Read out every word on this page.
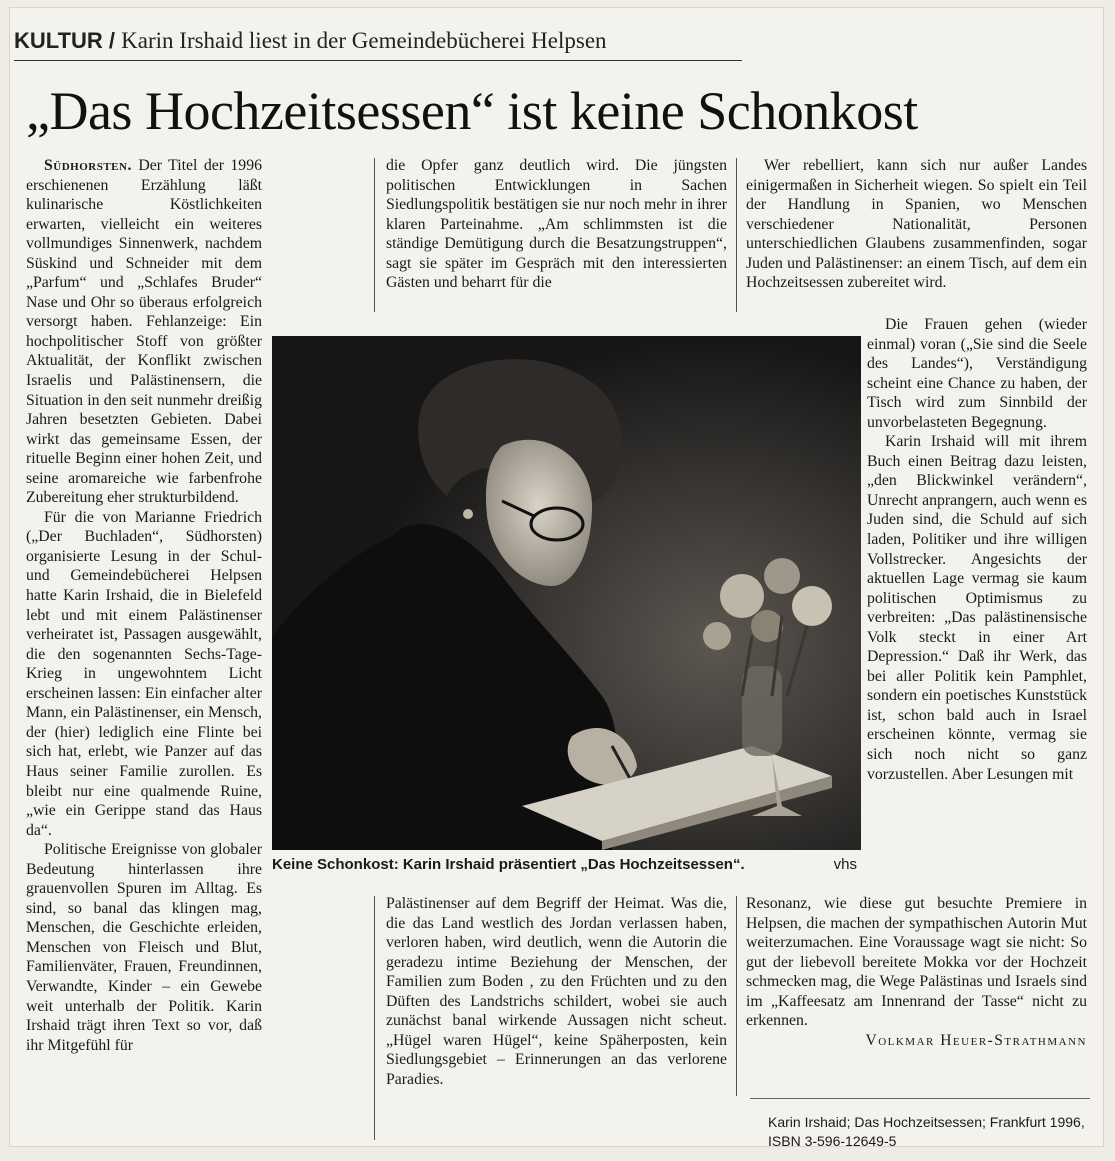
KULTUR / Karin Irshaid liest in der Gemeindebücherei Helpsen
„Das Hochzeitsessen“ ist keine Schonkost

Südhorsten. Der Titel der 1996 erschienenen Erzählung läßt kulinarische Köstlichkeiten erwarten, vielleicht ein weiteres vollmundiges Sinnenwerk, nachdem Süskind und Schneider mit dem „Parfum“ und „Schlafes Bruder“ Nase und Ohr so überaus erfolgreich versorgt haben. Fehlanzeige: Ein hochpolitischer Stoff von größter Aktualität, der Konflikt zwischen Israelis und Palästinensern, die Situation in den seit nunmehr dreißig Jahren besetzten Gebieten. Dabei wirkt das gemeinsame Essen, der rituelle Beginn einer hohen Zeit, und seine aromareiche wie farbenfrohe Zubereitung eher strukturbildend.

Für die von Marianne Friedrich („Der Buchladen“, Südhorsten) organisierte Lesung in der Schul- und Gemeindebücherei Helpsen hatte Karin Irshaid, die in Bielefeld lebt und mit einem Palästinenser verheiratet ist, Passagen ausgewählt, die den sogenannten Sechs-Tage-Krieg in ungewohntem Licht erscheinen lassen: Ein einfacher alter Mann, ein Palästinenser, ein Mensch, der (hier) lediglich eine Flinte bei sich hat, erlebt, wie Panzer auf das Haus seiner Familie zurollen. Es bleibt nur eine qualmende Ruine, „wie ein Gerippe stand das Haus da“.

Politische Ereignisse von globaler Bedeutung hinterlassen ihre grauenvollen Spuren im Alltag. Es sind, so banal das klingen mag, Menschen, die Geschichte erleiden, Menschen von Fleisch und Blut, Familienväter, Frauen, Freundinnen, Verwandte, Kinder – ein Gewebe weit unterhalb der Politik. Karin Irshaid trägt ihren Text so vor, daß ihr Mitgefühl für

die Opfer ganz deutlich wird. Die jüngsten politischen Entwicklungen in Sachen Siedlungspolitik bestätigen sie nur noch mehr in ihrer klaren Parteinahme. „Am schlimmsten ist die ständige Demütigung durch die Besatzungstruppen“, sagt sie später im Gespräch mit den interessierten Gästen und beharrt für die

Wer rebelliert, kann sich nur außer Landes einigermaßen in Sicherheit wiegen. So spielt ein Teil der Handlung in Spanien, wo Menschen verschiedener Nationalität, Personen unterschiedlichen Glaubens zusammenfinden, sogar Juden und Palästinenser: an einem Tisch, auf dem ein Hochzeitsessen zubereitet wird.

Die Frauen gehen (wieder einmal) voran („Sie sind die Seele des Landes“), Verständigung scheint eine Chance zu haben, der Tisch wird zum Sinnbild der unvorbelasteten Begegnung.

Karin Irshaid will mit ihrem Buch einen Beitrag dazu leisten, „den Blickwinkel verändern“, Unrecht anprangern, auch wenn es Juden sind, die Schuld auf sich laden, Politiker und ihre willigen Vollstrecker. Angesichts der aktuellen Lage vermag sie kaum politischen Optimismus zu verbreiten: „Das palästinensische Volk steckt in einer Art Depression.“ Daß ihr Werk, das bei aller Politik kein Pamphlet, sondern ein poetisches Kunststück ist, schon bald auch in Israel erscheinen könnte, vermag sie sich noch nicht so ganz vorzustellen. Aber Lesungen mit

Keine Schonkost: Karin Irshaid präsentiert „Das Hochzeitsessen“.	vhs

Palästinenser auf dem Begriff der Heimat. Was die, die das Land westlich des Jordan verlassen haben, verloren haben, wird deutlich, wenn die Autorin die geradezu intime Beziehung der Menschen, der Familien zum Boden , zu den Früchten und zu den Düften des Landstrichs schildert, wobei sie auch zunächst banal wirkende Aussagen nicht scheut. „Hügel waren Hügel“, keine Späherposten, kein Siedlungsgebiet – Erinnerungen an das verlorene Paradies.

Resonanz, wie diese gut besuchte Premiere in Helpsen, die machen der sympathischen Autorin Mut weiterzumachen. Eine Voraussage wagt sie nicht: So gut der liebevoll bereitete Mokka vor der Hochzeit schmecken mag, die Wege Palästinas und Israels sind im „Kaffeesatz am Innenrand der Tasse“ nicht zu erkennen.

Volkmar Heuer-Strathmann
Karin Irshaid; Das Hochzeitsessen; Frankfurt 1996, ISBN 3-596-12649-5
